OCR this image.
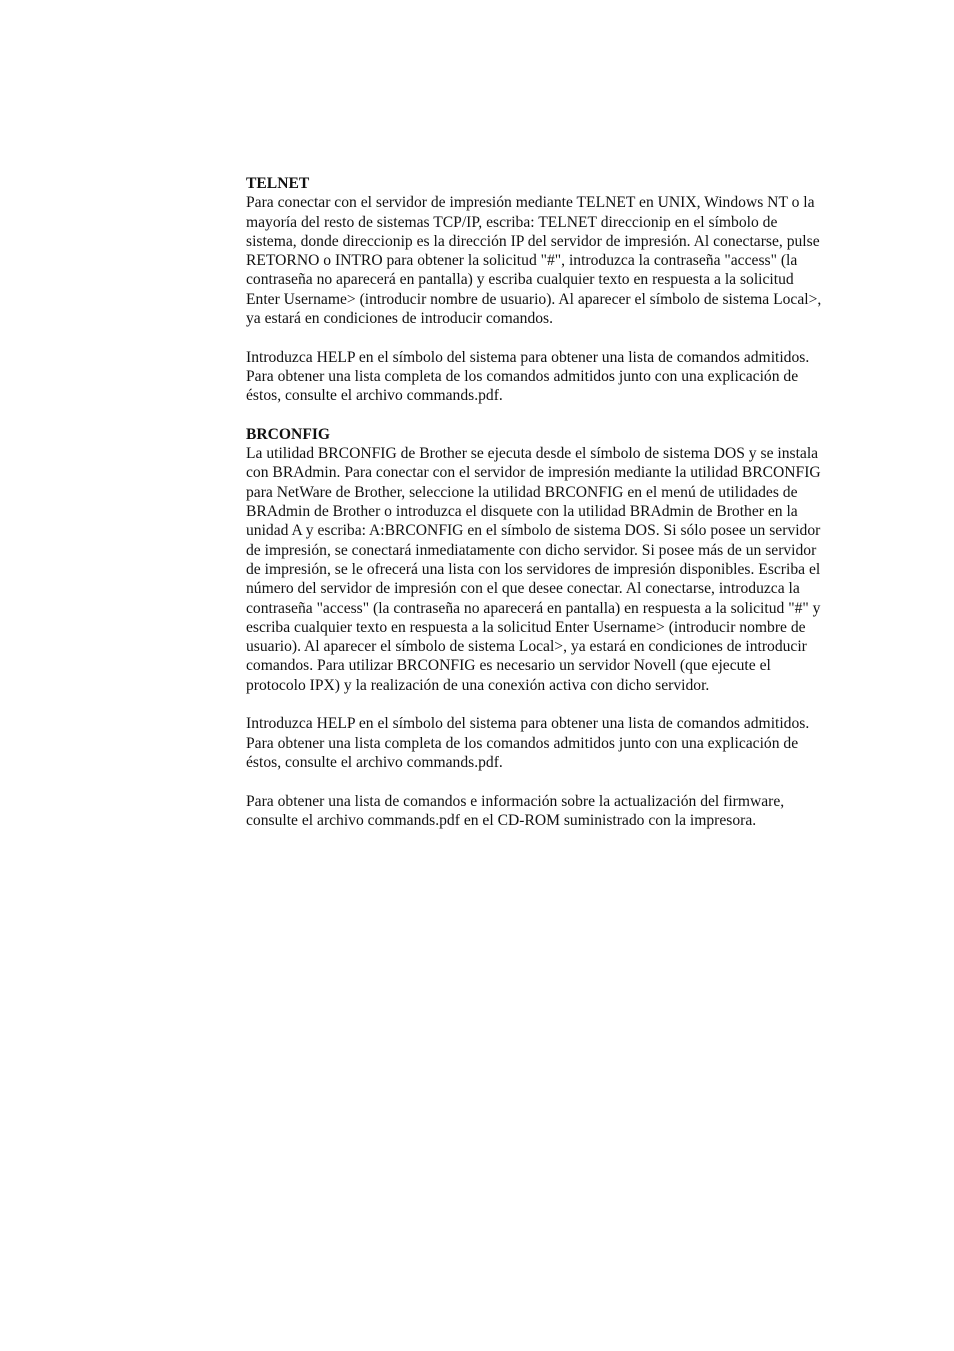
TELNET

Para conectar con el servidor de impresión mediante TELNET en UNIX, Windows NT o la mayoría del resto de sistemas TCP/IP, escriba: TELNET direccionip en el símbolo de sistema, donde direccionip es la dirección IP del servidor de impresión. Al conectarse, pulse RETORNO o INTRO para obtener la solicitud "#", introduzca la contraseña "access" (la contraseña no aparecerá en pantalla) y escriba cualquier texto en respuesta a la solicitud Enter Username> (introducir nombre de usuario). Al aparecer el símbolo de sistema Local>, ya estará en condiciones de introducir comandos.

Introduzca HELP en el símbolo del sistema para obtener una lista de comandos admitidos. Para obtener una lista completa de los comandos admitidos junto con una explicación de éstos, consulte el archivo commands.pdf.

BRCONFIG

La utilidad BRCONFIG de Brother se ejecuta desde el símbolo de sistema DOS y se instala con BRAdmin. Para conectar con el servidor de impresión mediante la utilidad BRCONFIG para NetWare de Brother, seleccione la utilidad BRCONFIG en el menú de utilidades de BRAdmin de Brother o introduzca el disquete con la utilidad BRAdmin de Brother en la unidad A y escriba: A:BRCONFIG en el símbolo de sistema DOS. Si sólo posee un servidor de impresión, se conectará inmediatamente con dicho servidor. Si posee más de un servidor de impresión, se le ofrecerá una lista con los servidores de impresión disponibles. Escriba el número del servidor de impresión con el que desee conectar. Al conectarse, introduzca la contraseña "access" (la contraseña no aparecerá en pantalla) en respuesta a la solicitud "#" y escriba cualquier texto en respuesta a la solicitud Enter Username> (introducir nombre de usuario). Al aparecer el símbolo de sistema Local>, ya estará en condiciones de introducir comandos. Para utilizar BRCONFIG es necesario un servidor Novell (que ejecute el protocolo IPX) y la realización de una conexión activa con dicho servidor.

Introduzca HELP en el símbolo del sistema para obtener una lista de comandos admitidos. Para obtener una lista completa de los comandos admitidos junto con una explicación de éstos, consulte el archivo commands.pdf.

Para obtener una lista de comandos e información sobre la actualización del firmware, consulte el archivo commands.pdf en el CD-ROM suministrado con la impresora.
